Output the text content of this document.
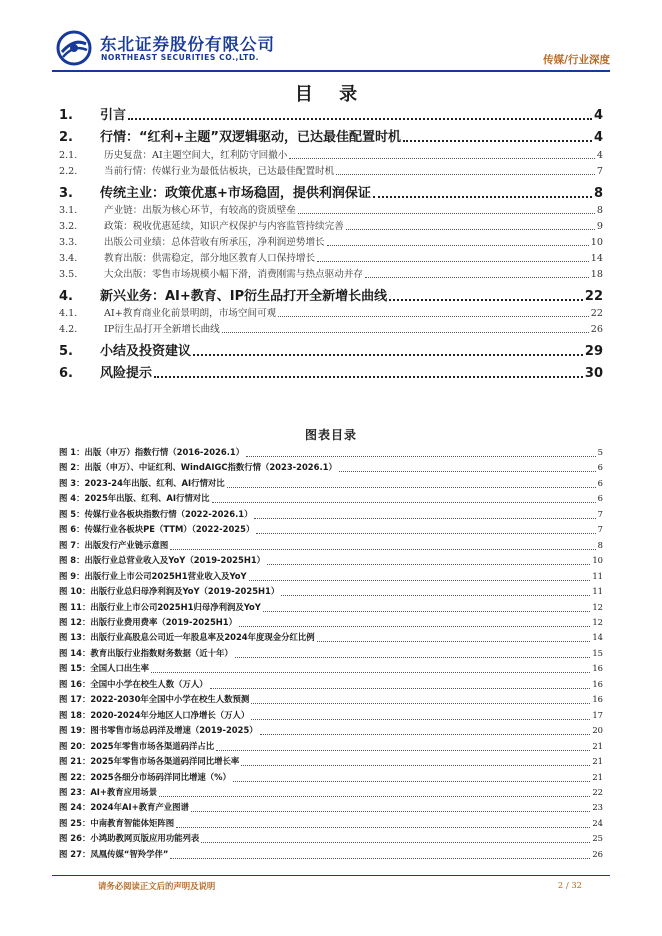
东北证券股份有限公司
NORTHEAST SECURITIES CO.,LTD.	传媒/行业深度
目 录
1.	引言	4
2.	行情：“红利+主题”双逻辑驱动，已达最佳配置时机	4
2.1.	历史复盘：AI主题空间大，红利防守回撤小	4
2.2.	当前行情：传媒行业为最低估板块，已达最佳配置时机	7
3.	传统主业：政策优惠+市场稳固，提供利润保证	8
3.1.	产业链：出版为核心环节，有较高的资质壁垒	8
3.2.	政策：税收优惠延续，知识产权保护与内容监管持续完善	9
3.3.	出版公司业绩：总体营收有所承压，净利润逆势增长	10
3.4.	教育出版：供需稳定，部分地区教育人口保持增长	14
3.5.	大众出版：零售市场规模小幅下滑，消费刚需与热点驱动并存	18
4.	新兴业务：AI+教育、IP衍生品打开全新增长曲线	22
4.1.	AI+教育商业化前景明朗，市场空间可观	22
4.2.	IP衍生品打开全新增长曲线	26
5.	小结及投资建议	29
6.	风险提示	30
图表目录
图 1：出版（申万）指数行情（2016-2026.1）	5
图 2：出版（申万）、中证红利、WindAIGC指数行情（2023-2026.1）	6
图 3：2023-24年出版、红利、AI行情对比	6
图 4：2025年出版、红利、AI行情对比	6
图 5：传媒行业各板块指数行情（2022-2026.1）	7
图 6：传媒行业各板块PE（TTM）（2022-2025）	7
图 7：出版发行产业链示意图	8
图 8：出版行业总营业收入及YoY（2019-2025H1）	10
图 9：出版行业上市公司2025H1营业收入及YoY	11
图 10：出版行业总归母净利润及YoY（2019-2025H1）	11
图 11：出版行业上市公司2025H1归母净利润及YoY	12
图 12：出版行业费用费率（2019-2025H1）	12
图 13：出版行业高股息公司近一年股息率及2024年度现金分红比例	14
图 14：教育出版行业指数财务数据（近十年）	15
图 15：全国人口出生率	16
图 16：全国中小学在校生人数（万人）	16
图 17：2022-2030年全国中小学在校生人数预测	16
图 18：2020-2024年分地区人口净增长（万人）	17
图 19：图书零售市场总码洋及增速（2019-2025）	20
图 20：2025年零售市场各渠道码洋占比	21
图 21：2025年零售市场各渠道码洋同比增长率	21
图 22：2025各细分市场码洋同比增速（%）	21
图 23：AI+教育应用场景	22
图 24：2024年AI+教育产业图谱	23
图 25：中南教育智能体矩阵图	24
图 26：小鸿助教网页版应用功能列表	25
图 27：凤凰传媒“智羚学伴”	26
请务必阅读正文后的声明及说明	2 / 32
